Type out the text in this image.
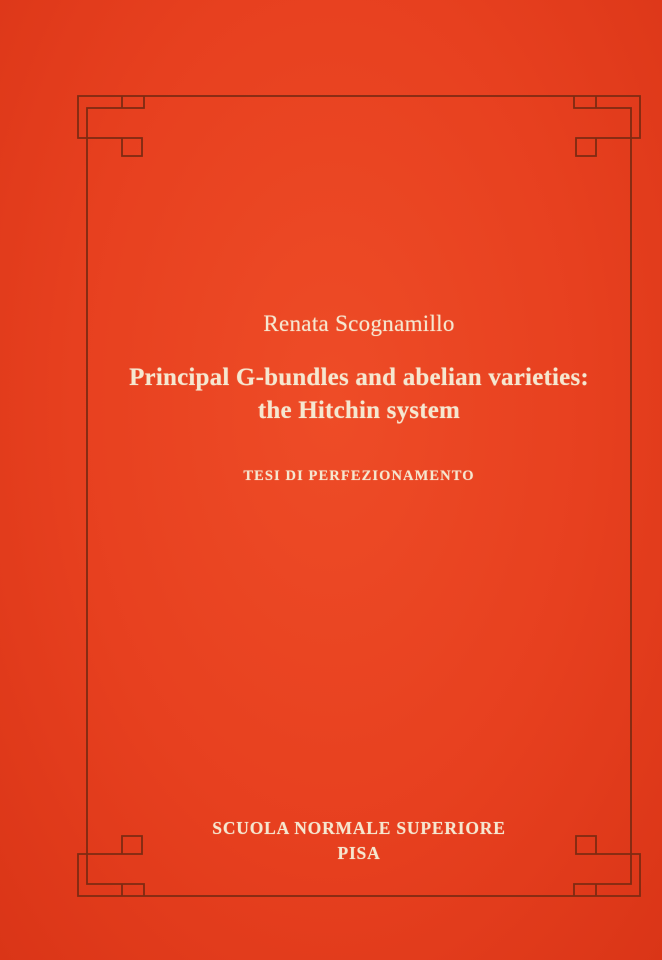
Renata Scognamillo
Principal G-bundles and abelian varieties:
the Hitchin system
TESI DI PERFEZIONAMENTO
SCUOLA NORMALE SUPERIORE
PISA
